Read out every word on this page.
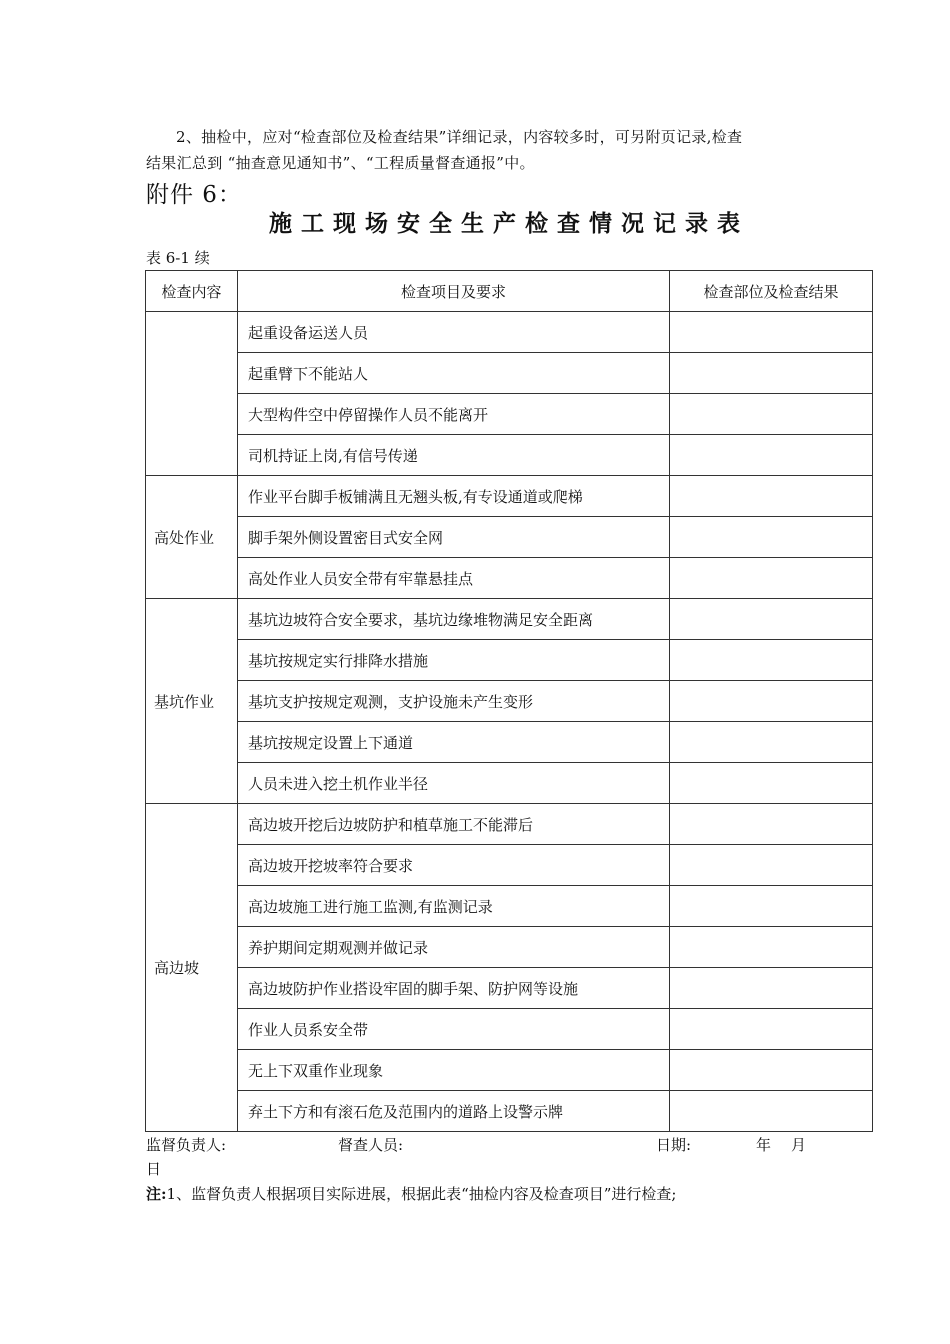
2、抽检中，应对“检查部位及检查结果”详细记录，内容较多时，可另附页记录,检查
结果汇总到 “抽查意见通知书”、“工程质量督查通报”中。
附件 6：
施工现场安全生产检查情况记录表
表 6-1 续
检查内容	检查项目及要求	检查部位及检查结果
	起重设备运送人员	
	起重臂下不能站人	
	大型构件空中停留操作人员不能离开	
	司机持证上岗,有信号传递	
高处作业	作业平台脚手板铺满且无翘头板,有专设通道或爬梯	
	脚手架外侧设置密目式安全网	
	高处作业人员安全带有牢靠悬挂点	
基坑作业	基坑边坡符合安全要求，基坑边缘堆物满足安全距离	
	基坑按规定实行排降水措施	
	基坑支护按规定观测，支护设施未产生变形	
	基坑按规定设置上下通道	
	人员未进入挖土机作业半径	
高边坡	高边坡开挖后边坡防护和植草施工不能滞后	
	高边坡开挖坡率符合要求	
	高边坡施工进行施工监测,有监测记录	
	养护期间定期观测并做记录	
	高边坡防护作业搭设牢固的脚手架、防护网等设施	
	作业人员系安全带	
	无上下双重作业现象	
	弃土下方和有滚石危及范围内的道路上设警示牌	
监督负责人:	督查人员:	日期:	年 月
日
注:1、监督负责人根据项目实际进展，根据此表“抽检内容及检查项目”进行检查;
